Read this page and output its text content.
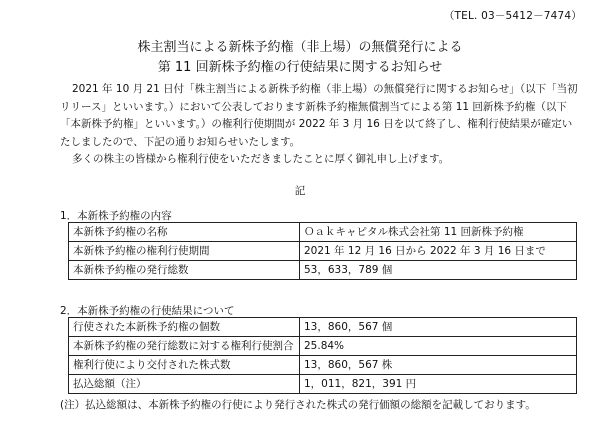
（TEL. 03－5412－7474）
株主割当による新株予約権（非上場）の無償発行による
第 11 回新株予約権の行使結果に関するお知らせ
2021 年 10 月 21 日付「株主割当による新株予約権（非上場）の無償発行に関するお知らせ」（以下「当初リリース」といいます。）において公表しております新株予約権無償割当てによる第 11 回新株予約権（以下「本新株予約権」といいます。）の権利行使期間が 2022 年 3 月 16 日を以て終了し、権利行使結果が確定いたしましたので、下記の通りお知らせいたします。
多くの株主の皆様から権利行使をいただきましたことに厚く御礼申し上げます。
記
1．本新株予約権の内容
本新株予約権の名称	Ｏａｋキャピタル株式会社第 11 回新株予約権
本新株予約権の権利行使期間	2021 年 12 月 16 日から 2022 年 3 月 16 日まで
本新株予約権の発行総数	53，633，789 個
2．本新株予約権の行使結果について
行使された本新株予約権の個数	13，860，567 個
本新株予約権の発行総数に対する権利行使割合	25.84%
権利行使により交付された株式数	13，860，567 株
払込総額（注）	1，011，821，391 円
(注）払込総額は、本新株予約権の行使により発行された株式の発行価額の総額を記載しております。
